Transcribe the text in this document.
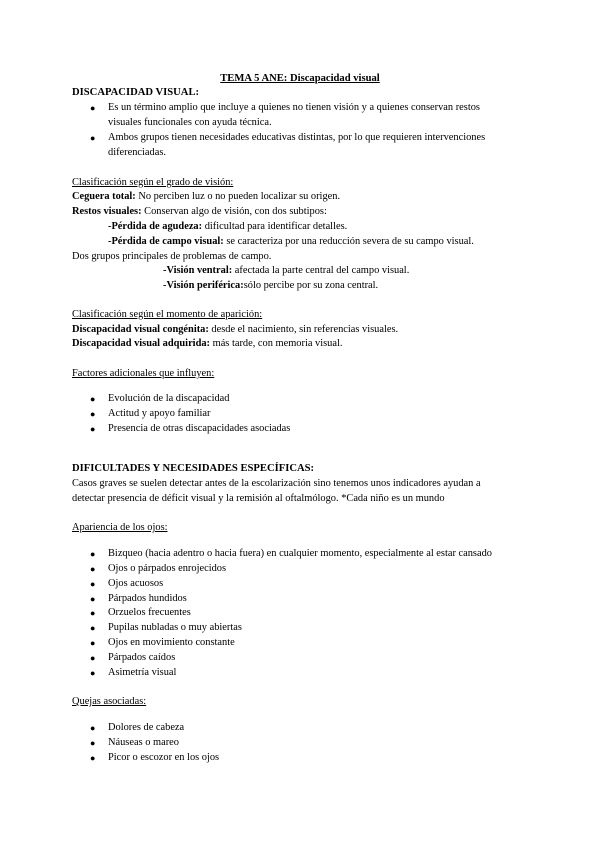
TEMA 5 ANE: Discapacidad visual
DISCAPACIDAD VISUAL:
● Es un término amplio que incluye a quienes no tienen visión y a quienes conservan restos
visuales funcionales con ayuda técnica.
● Ambos grupos tienen necesidades educativas distintas, por lo que requieren intervenciones
diferenciadas.
Clasificación según el grado de visión:
Ceguera total: No perciben luz o no pueden localizar su origen.
Restos visuales: Conservan algo de visión, con dos subtipos:
-Pérdida de agudeza: dificultad para identificar detalles.
-Pérdida de campo visual: se caracteriza por una reducción severa de su campo visual.
Dos grupos principales de problemas de campo.
-Visión ventral: afectada la parte central del campo visual.
-Visión periférica:sólo percibe por su zona central.
Clasificación según el momento de aparición:
Discapacidad visual congénita: desde el nacimiento, sin referencias visuales.
Discapacidad visual adquirida: más tarde, con memoria visual.
Factores adicionales que influyen:
● Evolución de la discapacidad
● Actitud y apoyo familiar
● Presencia de otras discapacidades asociadas
DIFICULTADES Y NECESIDADES ESPECÍFICAS:
Casos graves se suelen detectar antes de la escolarización sino tenemos unos indicadores ayudan a
detectar presencia de déficit visual y la remisión al oftalmólogo. *Cada niño es un mundo
Apariencia de los ojos:
● Bizqueo (hacia adentro o hacia fuera) en cualquier momento, especialmente al estar cansado
● Ojos o párpados enrojecidos
● Ojos acuosos
● Párpados hundidos
● Orzuelos frecuentes
● Pupilas nubladas o muy abiertas
● Ojos en movimiento constante
● Párpados caídos
● Asimetría visual
Quejas asociadas:
● Dolores de cabeza
● Náuseas o mareo
● Picor o escozor en los ojos
